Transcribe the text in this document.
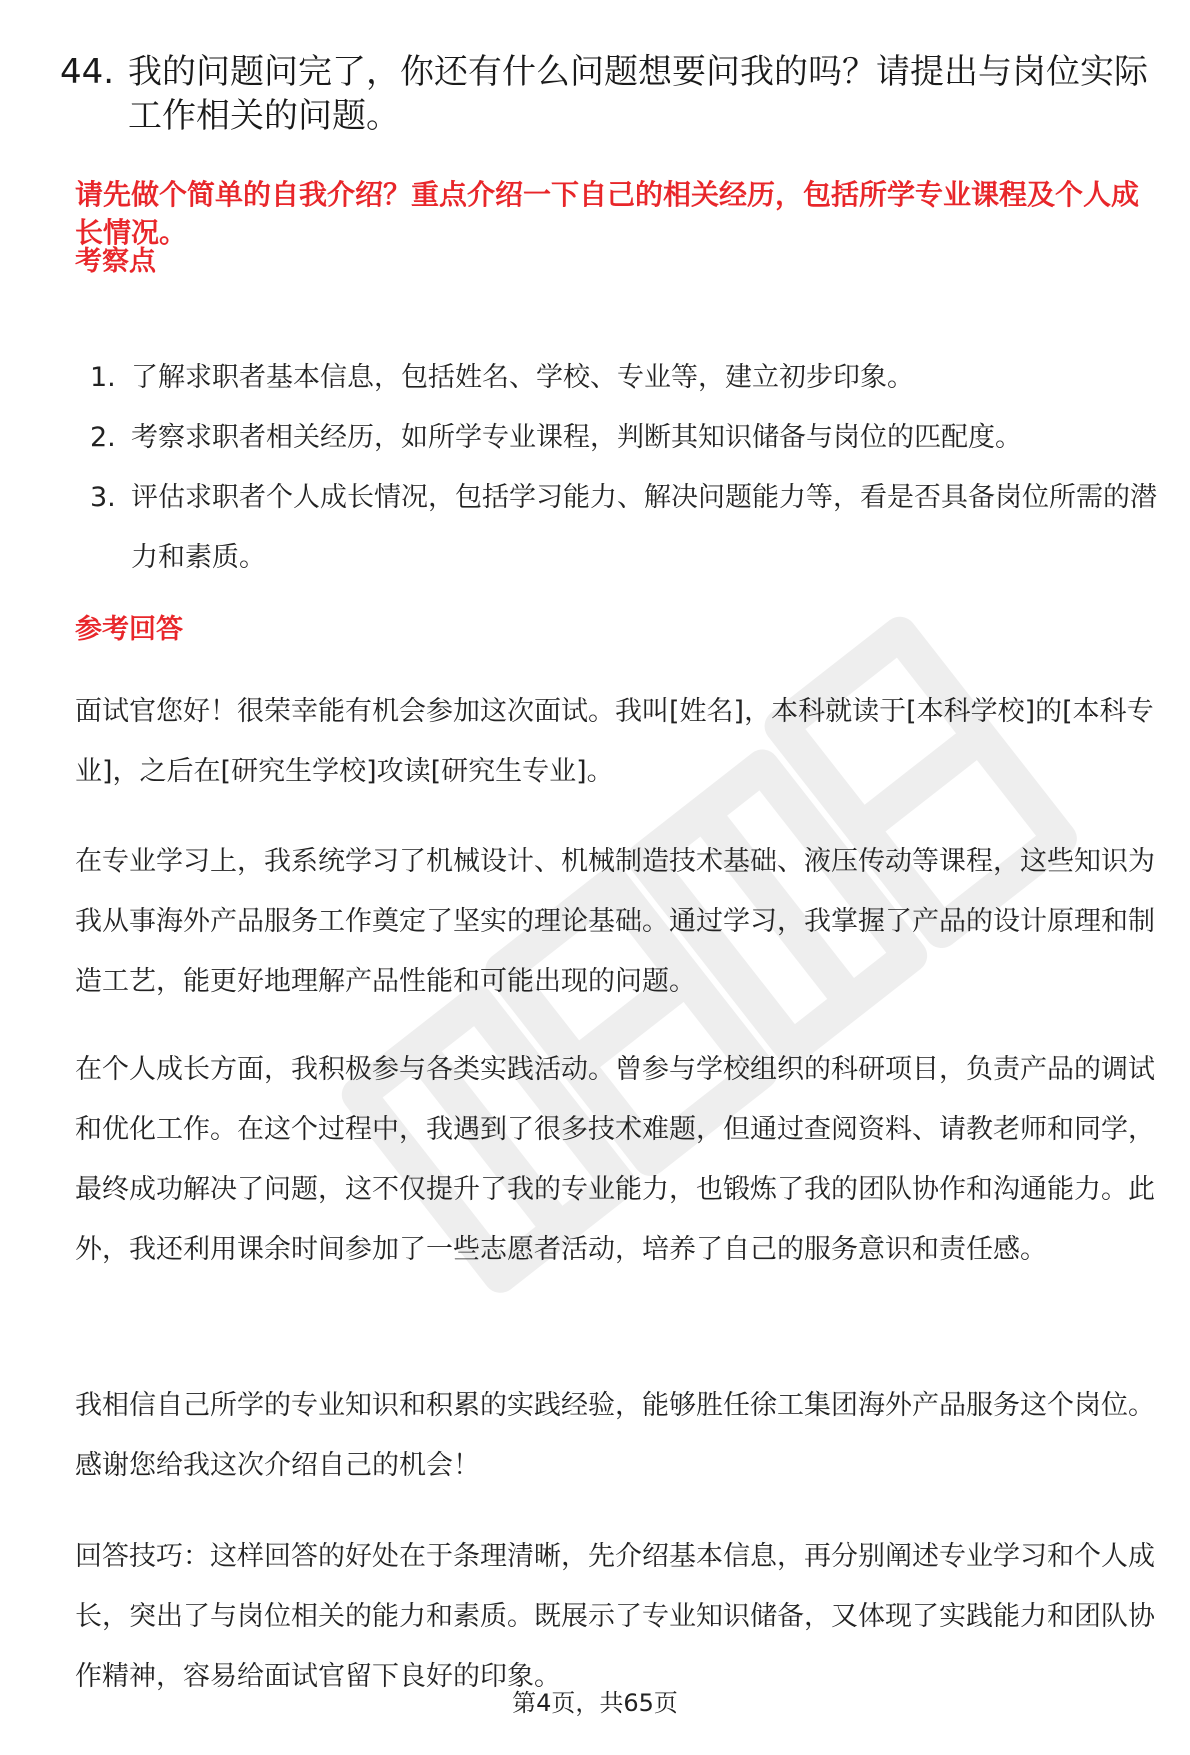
44. 我的问题问完了，你还有什么问题想要问我的吗？请提出与岗位实际工作相关的问题。
请先做个简单的自我介绍？重点介绍一下自己的相关经历，包括所学专业课程及个人成长情况。
考察点
1. 了解求职者基本信息，包括姓名、学校、专业等，建立初步印象。
2. 考察求职者相关经历，如所学专业课程，判断其知识储备与岗位的匹配度。
3. 评估求职者个人成长情况，包括学习能力、解决问题能力等，看是否具备岗位所需的潜力和素质。
参考回答

面试官您好！很荣幸能有机会参加这次面试。我叫[姓名]，本科就读于[本科学校]的[本科专业]，之后在[研究生学校]攻读[研究生专业]。

在专业学习上，我系统学习了机械设计、机械制造技术基础、液压传动等课程，这些知识为我从事海外产品服务工作奠定了坚实的理论基础。通过学习，我掌握了产品的设计原理和制造工艺，能更好地理解产品性能和可能出现的问题。

在个人成长方面，我积极参与各类实践活动。曾参与学校组织的科研项目，负责产品的调试和优化工作。在这个过程中，我遇到了很多技术难题，但通过查阅资料、请教老师和同学，最终成功解决了问题，这不仅提升了我的专业能力，也锻炼了我的团队协作和沟通能力。此外，我还利用课余时间参加了一些志愿者活动，培养了自己的服务意识和责任感。

我相信自己所学的专业知识和积累的实践经验，能够胜任徐工集团海外产品服务这个岗位。感谢您给我这次介绍自己的机会！

回答技巧：这样回答的好处在于条理清晰，先介绍基本信息，再分别阐述专业学习和个人成长，突出了与岗位相关的能力和素质。既展示了专业知识储备，又体现了实践能力和团队协作精神，容易给面试官留下良好的印象。

第4页，共65页
